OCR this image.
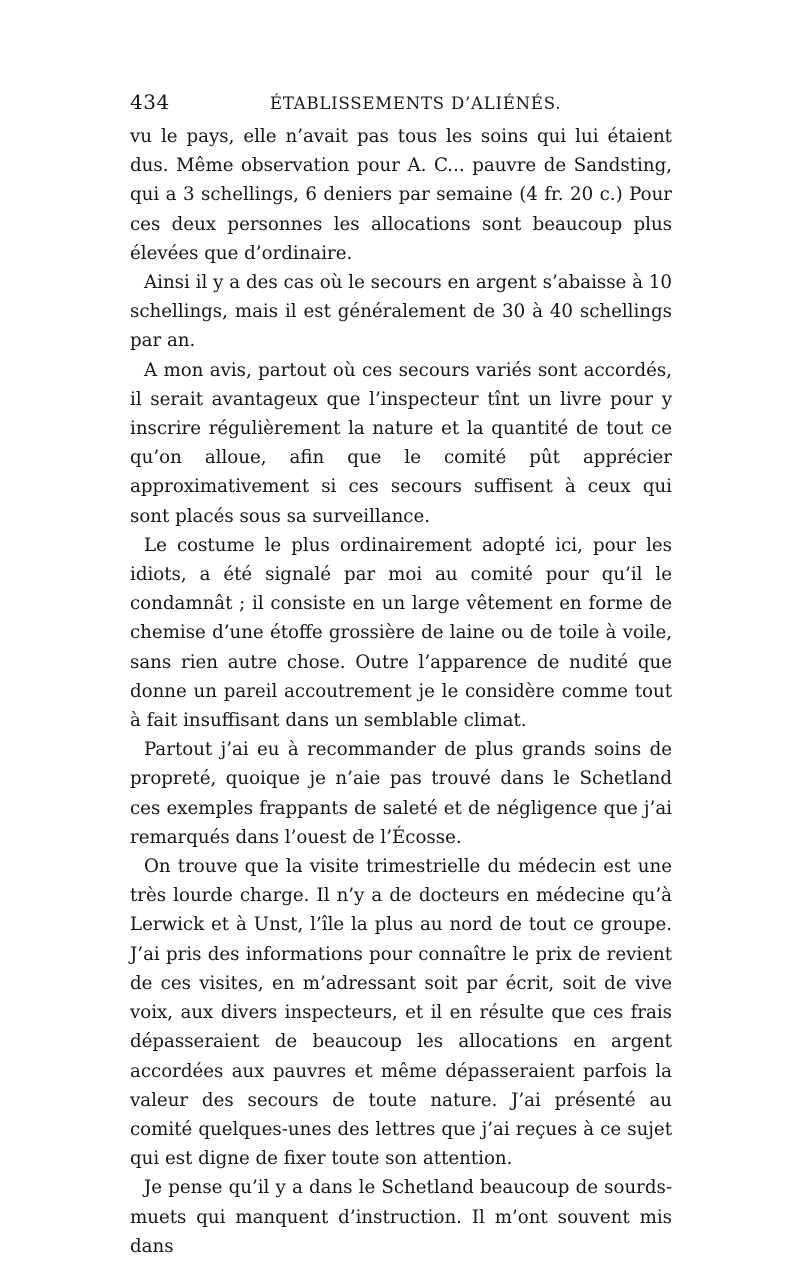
434	ÉTABLISSEMENTS D’ALIÉNÉS.

vu le pays, elle n’avait pas tous les soins qui lui étaient dus. Même observation pour A. C... pauvre de Sandsting, qui a 3 schellings, 6 deniers par semaine (4 fr. 20 c.) Pour ces deux personnes les allocations sont beaucoup plus élevées que d’ordinaire.

Ainsi il y a des cas où le secours en argent s’abaisse à 10 schellings, mais il est généralement de 30 à 40 schellings par an.

A mon avis, partout où ces secours variés sont accordés, il serait avantageux que l’inspecteur tînt un livre pour y inscrire régulièrement la nature et la quantité de tout ce qu’on alloue, afin que le comité pût apprécier approximativement si ces secours suffisent à ceux qui sont placés sous sa surveillance.

Le costume le plus ordinairement adopté ici, pour les idiots, a été signalé par moi au comité pour qu’il le condamnât ; il consiste en un large vêtement en forme de chemise d’une étoffe grossière de laine ou de toile à voile, sans rien autre chose. Outre l’apparence de nudité que donne un pareil accoutrement je le considère comme tout à fait insuffisant dans un semblable climat.

Partout j’ai eu à recommander de plus grands soins de propreté, quoique je n’aie pas trouvé dans le Schetland ces exemples frappants de saleté et de négligence que j’ai remarqués dans l’ouest de l’Écosse.

On trouve que la visite trimestrielle du médecin est une très lourde charge. Il n’y a de docteurs en médecine qu’à Lerwick et à Unst, l’île la plus au nord de tout ce groupe. J’ai pris des informations pour connaître le prix de revient de ces visites, en m’adressant soit par écrit, soit de vive voix, aux divers inspecteurs, et il en résulte que ces frais dépasseraient de beaucoup les allocations en argent accordées aux pauvres et même dépasseraient parfois la valeur des secours de toute nature. J’ai présenté au comité quelques-unes des lettres que j’ai reçues à ce sujet qui est digne de fixer toute son attention.

Je pense qu’il y a dans le Schetland beaucoup de sourds-muets qui manquent d’instruction. Il m’ont souvent mis dans
